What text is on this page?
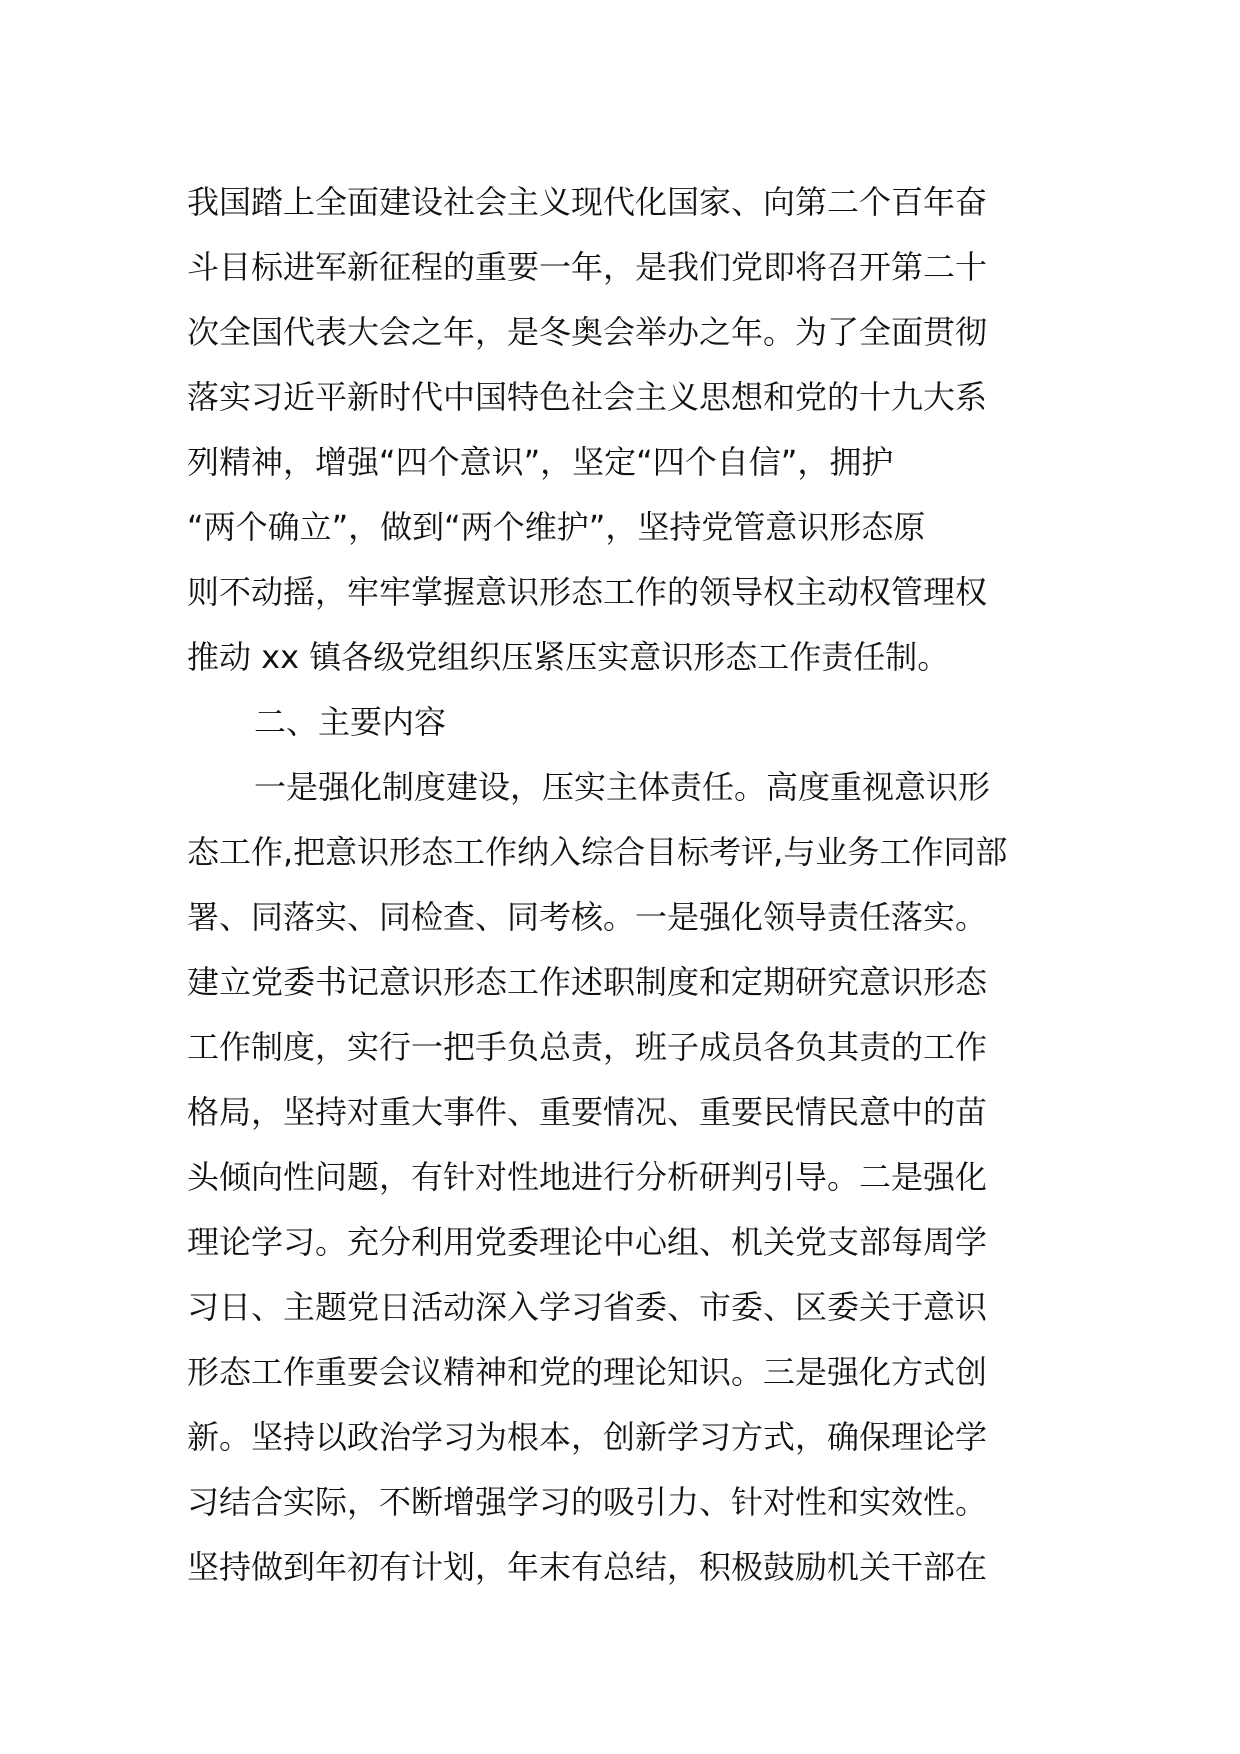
我国踏上全面建设社会主义现代化国家、向第二个百年奋
斗目标进军新征程的重要一年，是我们党即将召开第二十
次全国代表大会之年，是冬奥会举办之年。为了全面贯彻
落实习近平新时代中国特色社会主义思想和党的十九大系
列精神，增强“四个意识”，坚定“四个自信”，拥护
“两个确立”，做到“两个维护”，坚持党管意识形态原
则不动摇，牢牢掌握意识形态工作的领导权主动权管理权
推动 xx 镇各级党组织压紧压实意识形态工作责任制。
二、主要内容
一是强化制度建设，压实主体责任。高度重视意识形
态工作,把意识形态工作纳入综合目标考评,与业务工作同部
署、同落实、同检查、同考核。一是强化领导责任落实。
建立党委书记意识形态工作述职制度和定期研究意识形态
工作制度，实行一把手负总责，班子成员各负其责的工作
格局，坚持对重大事件、重要情况、重要民情民意中的苗
头倾向性问题，有针对性地进行分析研判引导。二是强化
理论学习。充分利用党委理论中心组、机关党支部每周学
习日、主题党日活动深入学习省委、市委、区委关于意识
形态工作重要会议精神和党的理论知识。三是强化方式创
新。坚持以政治学习为根本，创新学习方式，确保理论学
习结合实际，不断增强学习的吸引力、针对性和实效性。
坚持做到年初有计划，年末有总结，积极鼓励机关干部在
